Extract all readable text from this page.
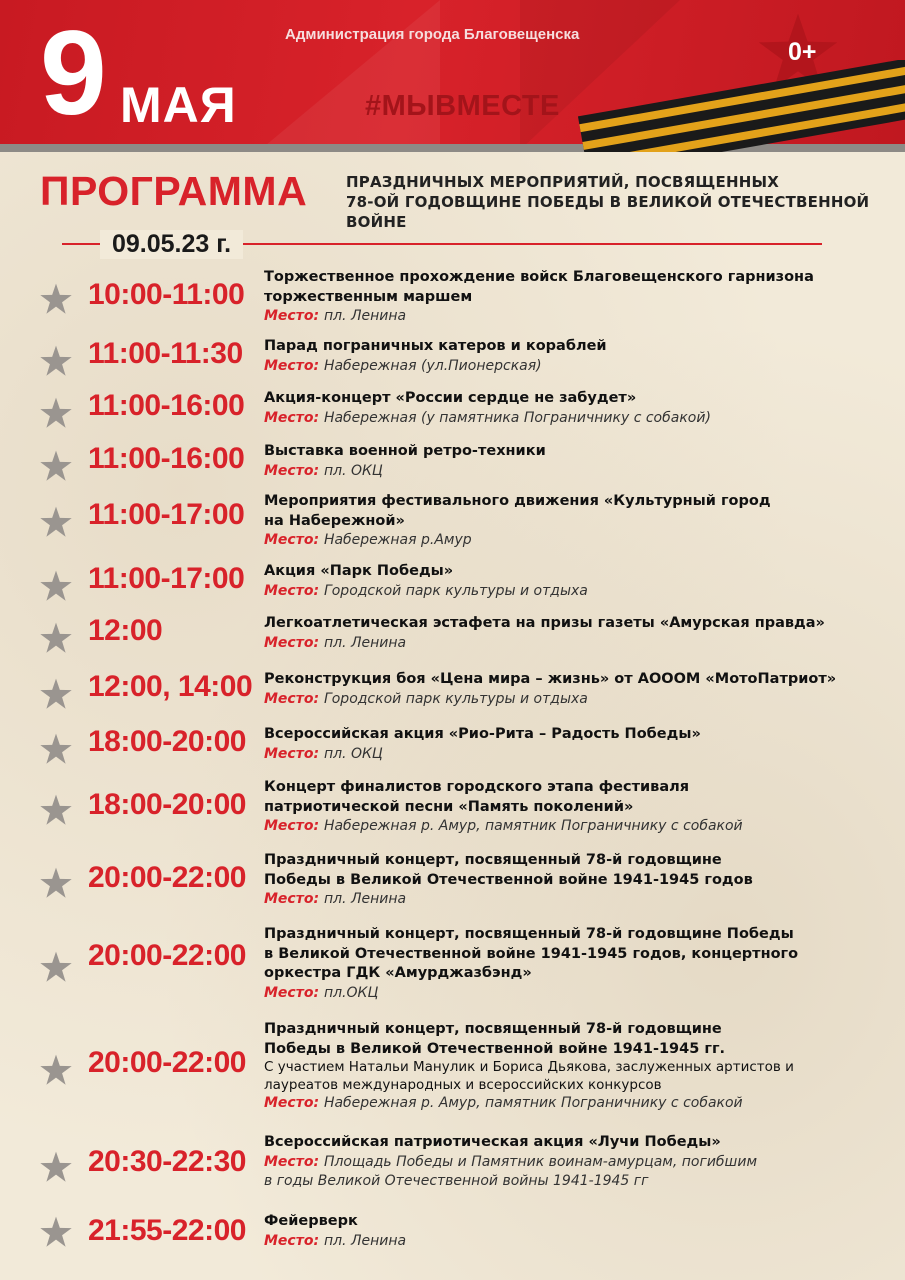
9 МАЯ
Администрация города Благовещенска
#МЫВМЕСТЕ
0+
ПРОГРАММА	ПРАЗДНИЧНЫХ МЕРОПРИЯТИЙ, ПОСВЯЩЕННЫХ
78-ОЙ ГОДОВЩИНЕ ПОБЕДЫ В ВЕЛИКОЙ ОТЕЧЕСТВЕННОЙ ВОЙНЕ
09.05.23 г.
10:00-11:00
Торжественное прохождение войск Благовещенского гарнизона
торжественным маршем
Место: пл. Ленина
11:00-11:30 Парад пограничных катеров и кораблей
Место: Набережная (ул.Пионерская)
11:00-16:00 Акция-концерт «России сердце не забудет»
Место: Набережная (у памятника Пограничнику с собакой)
11:00-16:00 Выставка военной ретро-техники
Место: пл. ОКЦ
11:00-17:00 Мероприятия фестивального движения «Культурный город
на Набережной»
Место: Набережная р.Амур
11:00-17:00 Акция «Парк Победы»
Место: Городской парк культуры и отдыха
12:00	Легкоатлетическая эстафета на призы газеты «Амурская правда»
Место: пл. Ленина
12:00, 14:00 Реконструкция боя «Цена мира – жизнь» от АОООМ «МотоПатриот»
Место: Городской парк культуры и отдыха
18:00-20:00 Всероссийская акция «Рио-Рита – Радость Победы»
Место: пл. ОКЦ
18:00-20:00
Концерт финалистов городского этапа фестиваля
патриотической песни «Память поколений»
Место: Набережная р. Амур, памятник Пограничнику с собакой
20:00-22:00
Праздничный концерт, посвященный 78-й годовщине
Победы в Великой Отечественной войне 1941-1945 годов
Место: пл. Ленина
20:00-22:00
Праздничный концерт, посвященный 78-й годовщине Победы
в Великой Отечественной войне 1941-1945 годов, концертного
оркестра ГДК «Амурджазбэнд»
Место: пл.ОКЦ
20:00-22:00
Праздничный концерт, посвященный 78-й годовщине
Победы в Великой Отечественной войне 1941-1945 гг.
С участием Натальи Манулик и Бориса Дьякова, заслуженных артистов и
лауреатов международных и всероссийских конкурсов
Место: Набережная р. Амур, памятник Пограничнику с собакой
20:30-22:30
Всероссийская патриотическая акция «Лучи Победы»
Место: Площадь Победы и Памятник воинам-амурцам, погибшим
в годы Великой Отечественной войны 1941-1945 гг
21:55-22:00 Фейерверк
Место: пл. Ленина
